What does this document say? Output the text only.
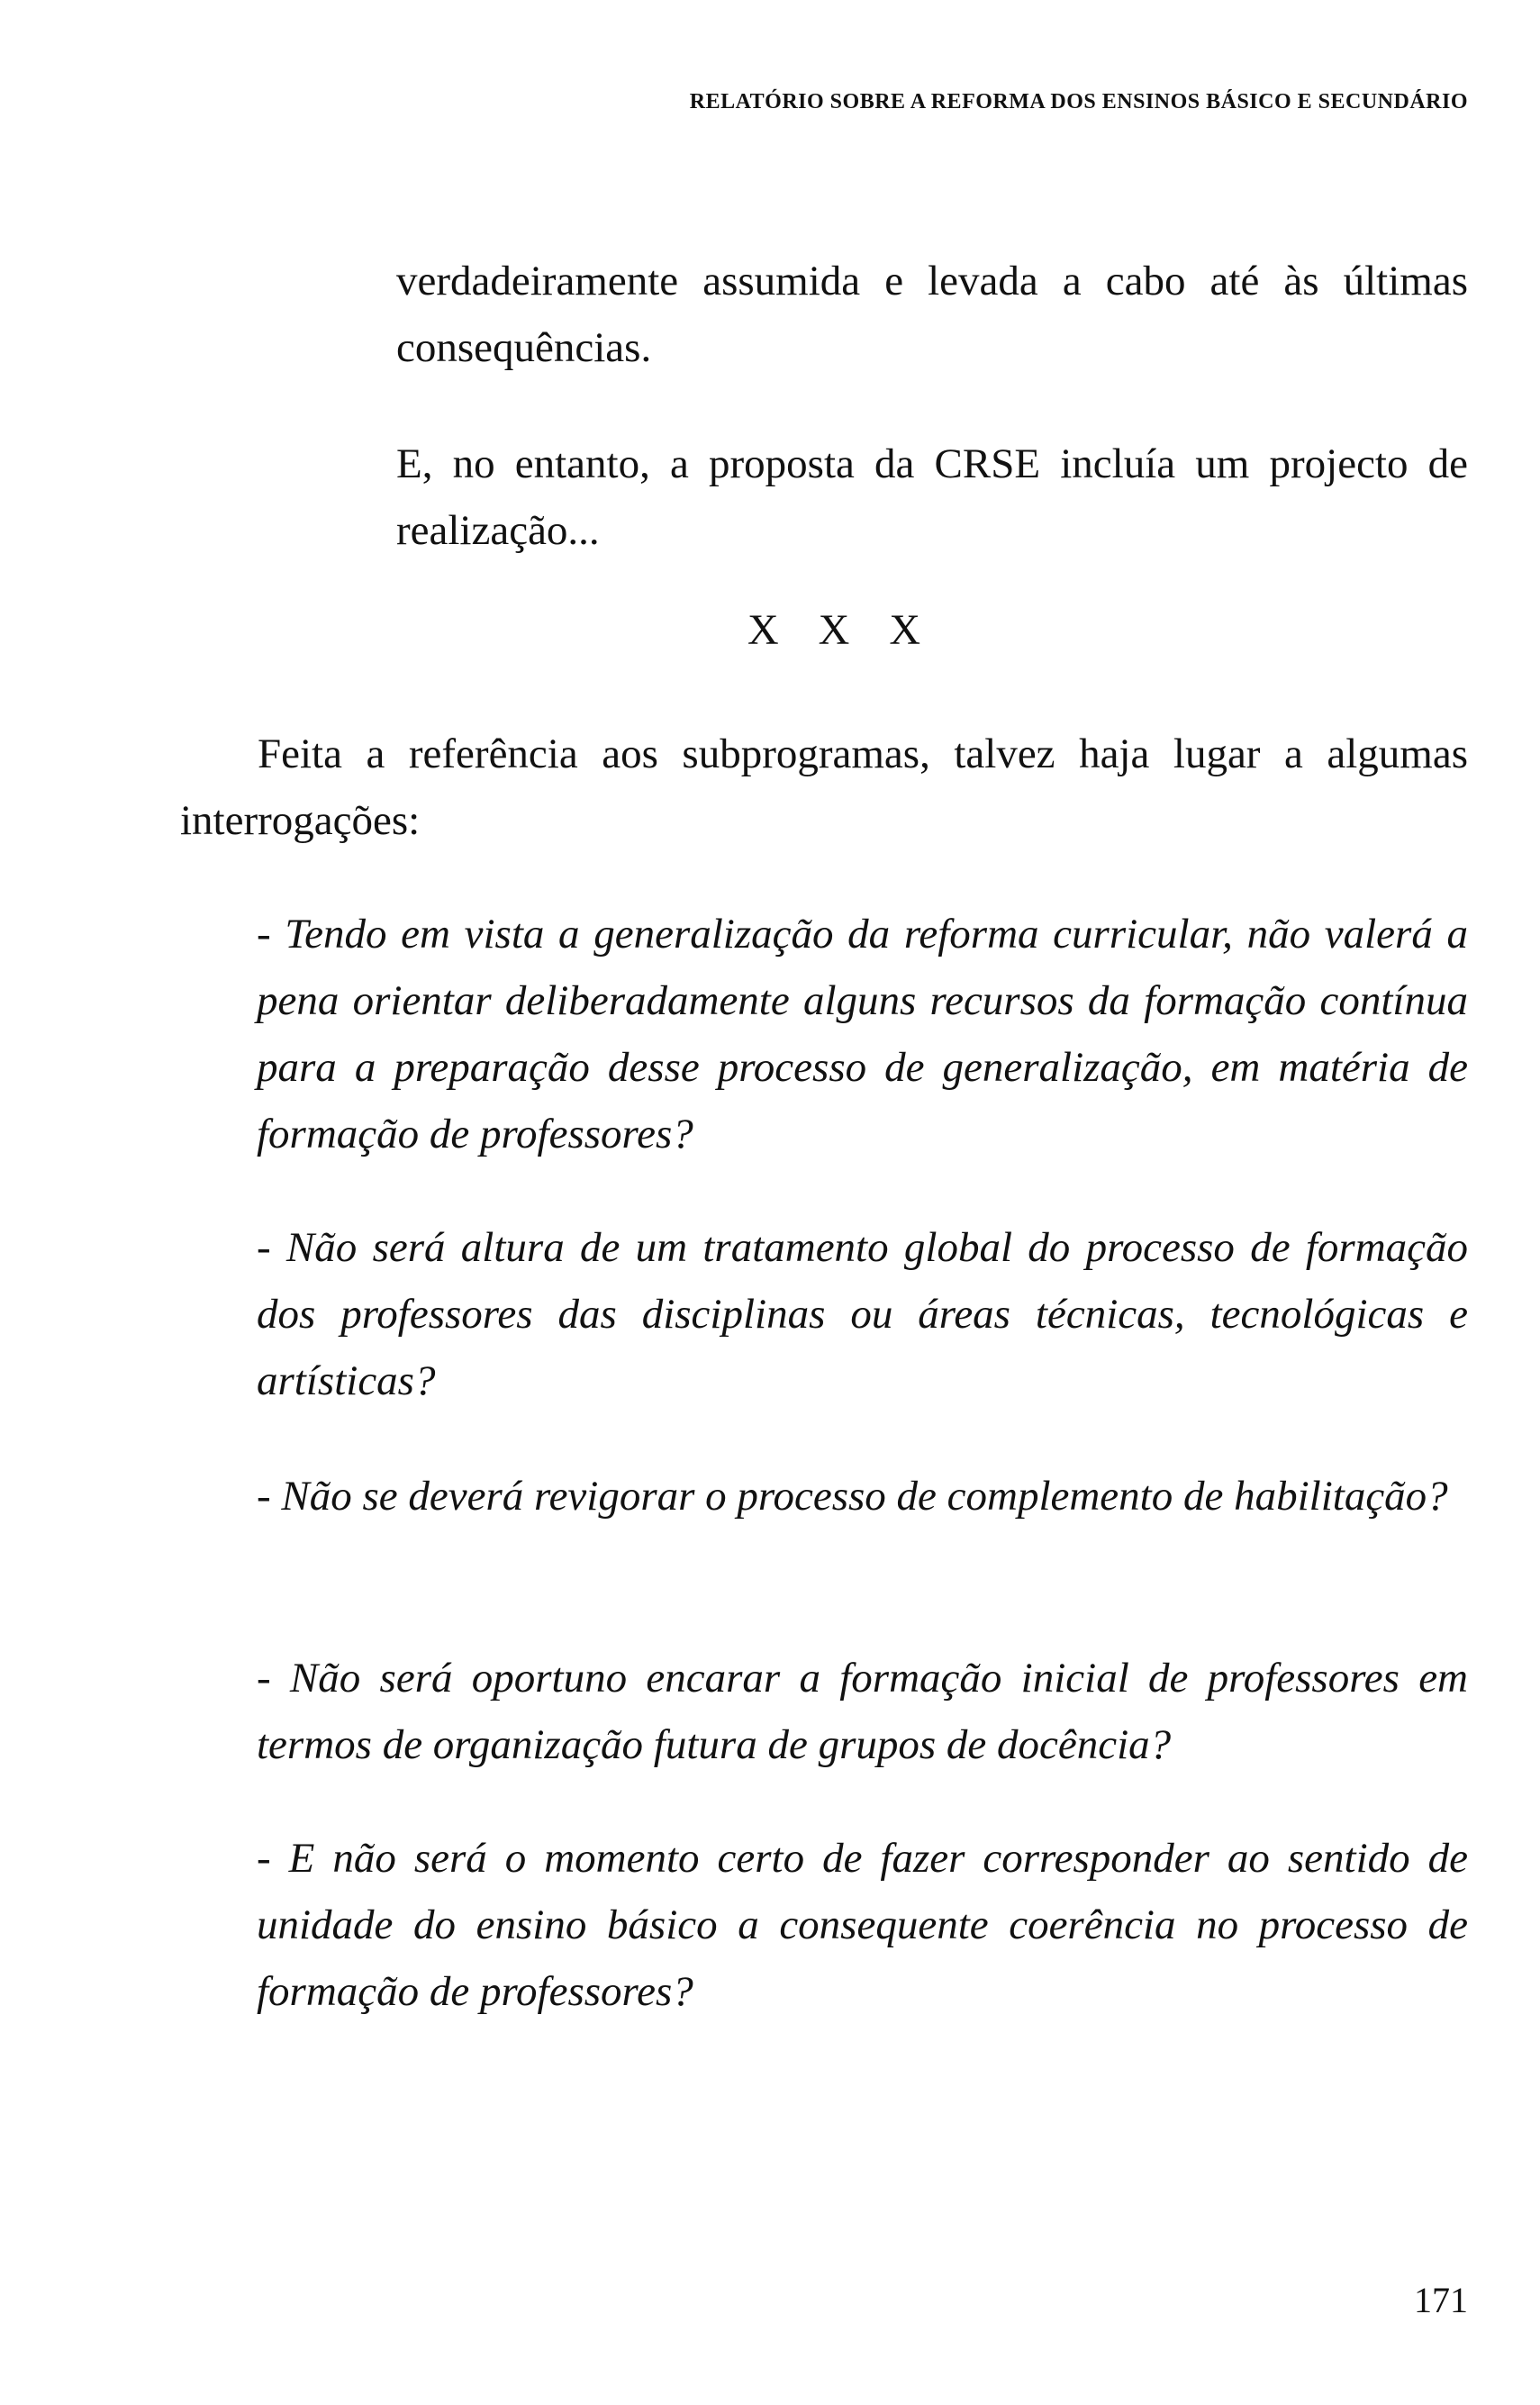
RELATÓRIO SOBRE A REFORMA DOS ENSINOS BÁSICO E SECUNDÁRIO

verdadeiramente assumida e levada a cabo até às últimas consequências.

E, no entanto, a proposta da CRSE incluía um projecto de realização...

X X X

Feita a referência aos subprogramas, talvez haja lugar a algumas interrogações:

- Tendo em vista a generalização da reforma curricular, não valerá a pena orientar deliberadamente alguns recursos da formação contínua para a preparação desse processo de generalização, em matéria de formação de professores?

- Não será altura de um tratamento global do processo de formação dos professores das disciplinas ou áreas técnicas, tecnológicas e artísticas?

- Não se deverá revigorar o processo de complemento de habilitação?

- Não será oportuno encarar a formação inicial de professores em termos de organização futura de grupos de docência?

- E não será o momento certo de fazer corresponder ao sentido de unidade do ensino básico a consequente coerência no processo de formação de professores?

171
